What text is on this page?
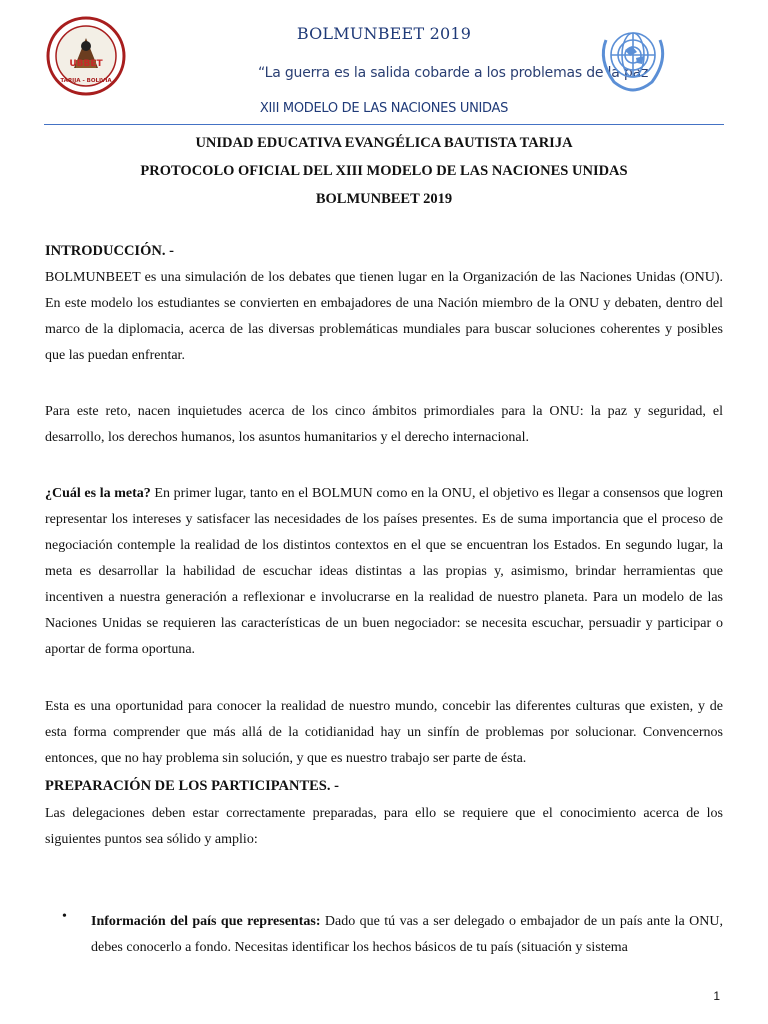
UBBET
TARIJA - BOLIVIA
BOLMUNBEET 2019
“La guerra es la salida cobarde a los problemas de la paz
XIII MODELO DE LAS NACIONES UNIDAS
UNIDAD EDUCATIVA EVANGÉLICA BAUTISTA TARIJA
PROTOCOLO OFICIAL DEL XIII MODELO DE LAS NACIONES UNIDAS
BOLMUNBEET 2019
INTRODUCCIÓN. -

BOLMUNBEET es una simulación de los debates que tienen lugar en la Organización de las Naciones Unidas (ONU). En este modelo los estudiantes se convierten en embajadores de una Nación miembro de la ONU y debaten, dentro del marco de la diplomacia, acerca de las diversas problemáticas mundiales para buscar soluciones coherentes y posibles que las puedan enfrentar.

Para este reto, nacen inquietudes acerca de los cinco ámbitos primordiales para la ONU: la paz y seguridad, el desarrollo, los derechos humanos, los asuntos humanitarios y el derecho internacional.

¿Cuál es la meta? En primer lugar, tanto en el BOLMUN como en la ONU, el objetivo es llegar a consensos que logren representar los intereses y satisfacer las necesidades de los países presentes. Es de suma importancia que el proceso de negociación contemple la realidad de los distintos contextos en el que se encuentran los Estados. En segundo lugar, la meta es desarrollar la habilidad de escuchar ideas distintas a las propias y, asimismo, brindar herramientas que incentiven a nuestra generación a reflexionar e involucrarse en la realidad de nuestro planeta. Para un modelo de las Naciones Unidas se requieren las características de un buen negociador: se necesita escuchar, persuadir y participar o aportar de forma oportuna.

Esta es una oportunidad para conocer la realidad de nuestro mundo, concebir las diferentes culturas que existen, y de esta forma comprender que más allá de la cotidianidad hay un sinfín de problemas por solucionar. Convencernos entonces, que no hay problema sin solución, y que es nuestro trabajo ser parte de ésta.

PREPARACIÓN DE LOS PARTICIPANTES. -

Las delegaciones deben estar correctamente preparadas, para ello se requiere que el conocimiento acerca de los siguientes puntos sea sólido y amplio:

• Información del país que representas: Dado que tú vas a ser delegado o embajador de un país ante la ONU, debes conocerlo a fondo. Necesitas identificar los hechos básicos de tu país (situación y sistema
1
